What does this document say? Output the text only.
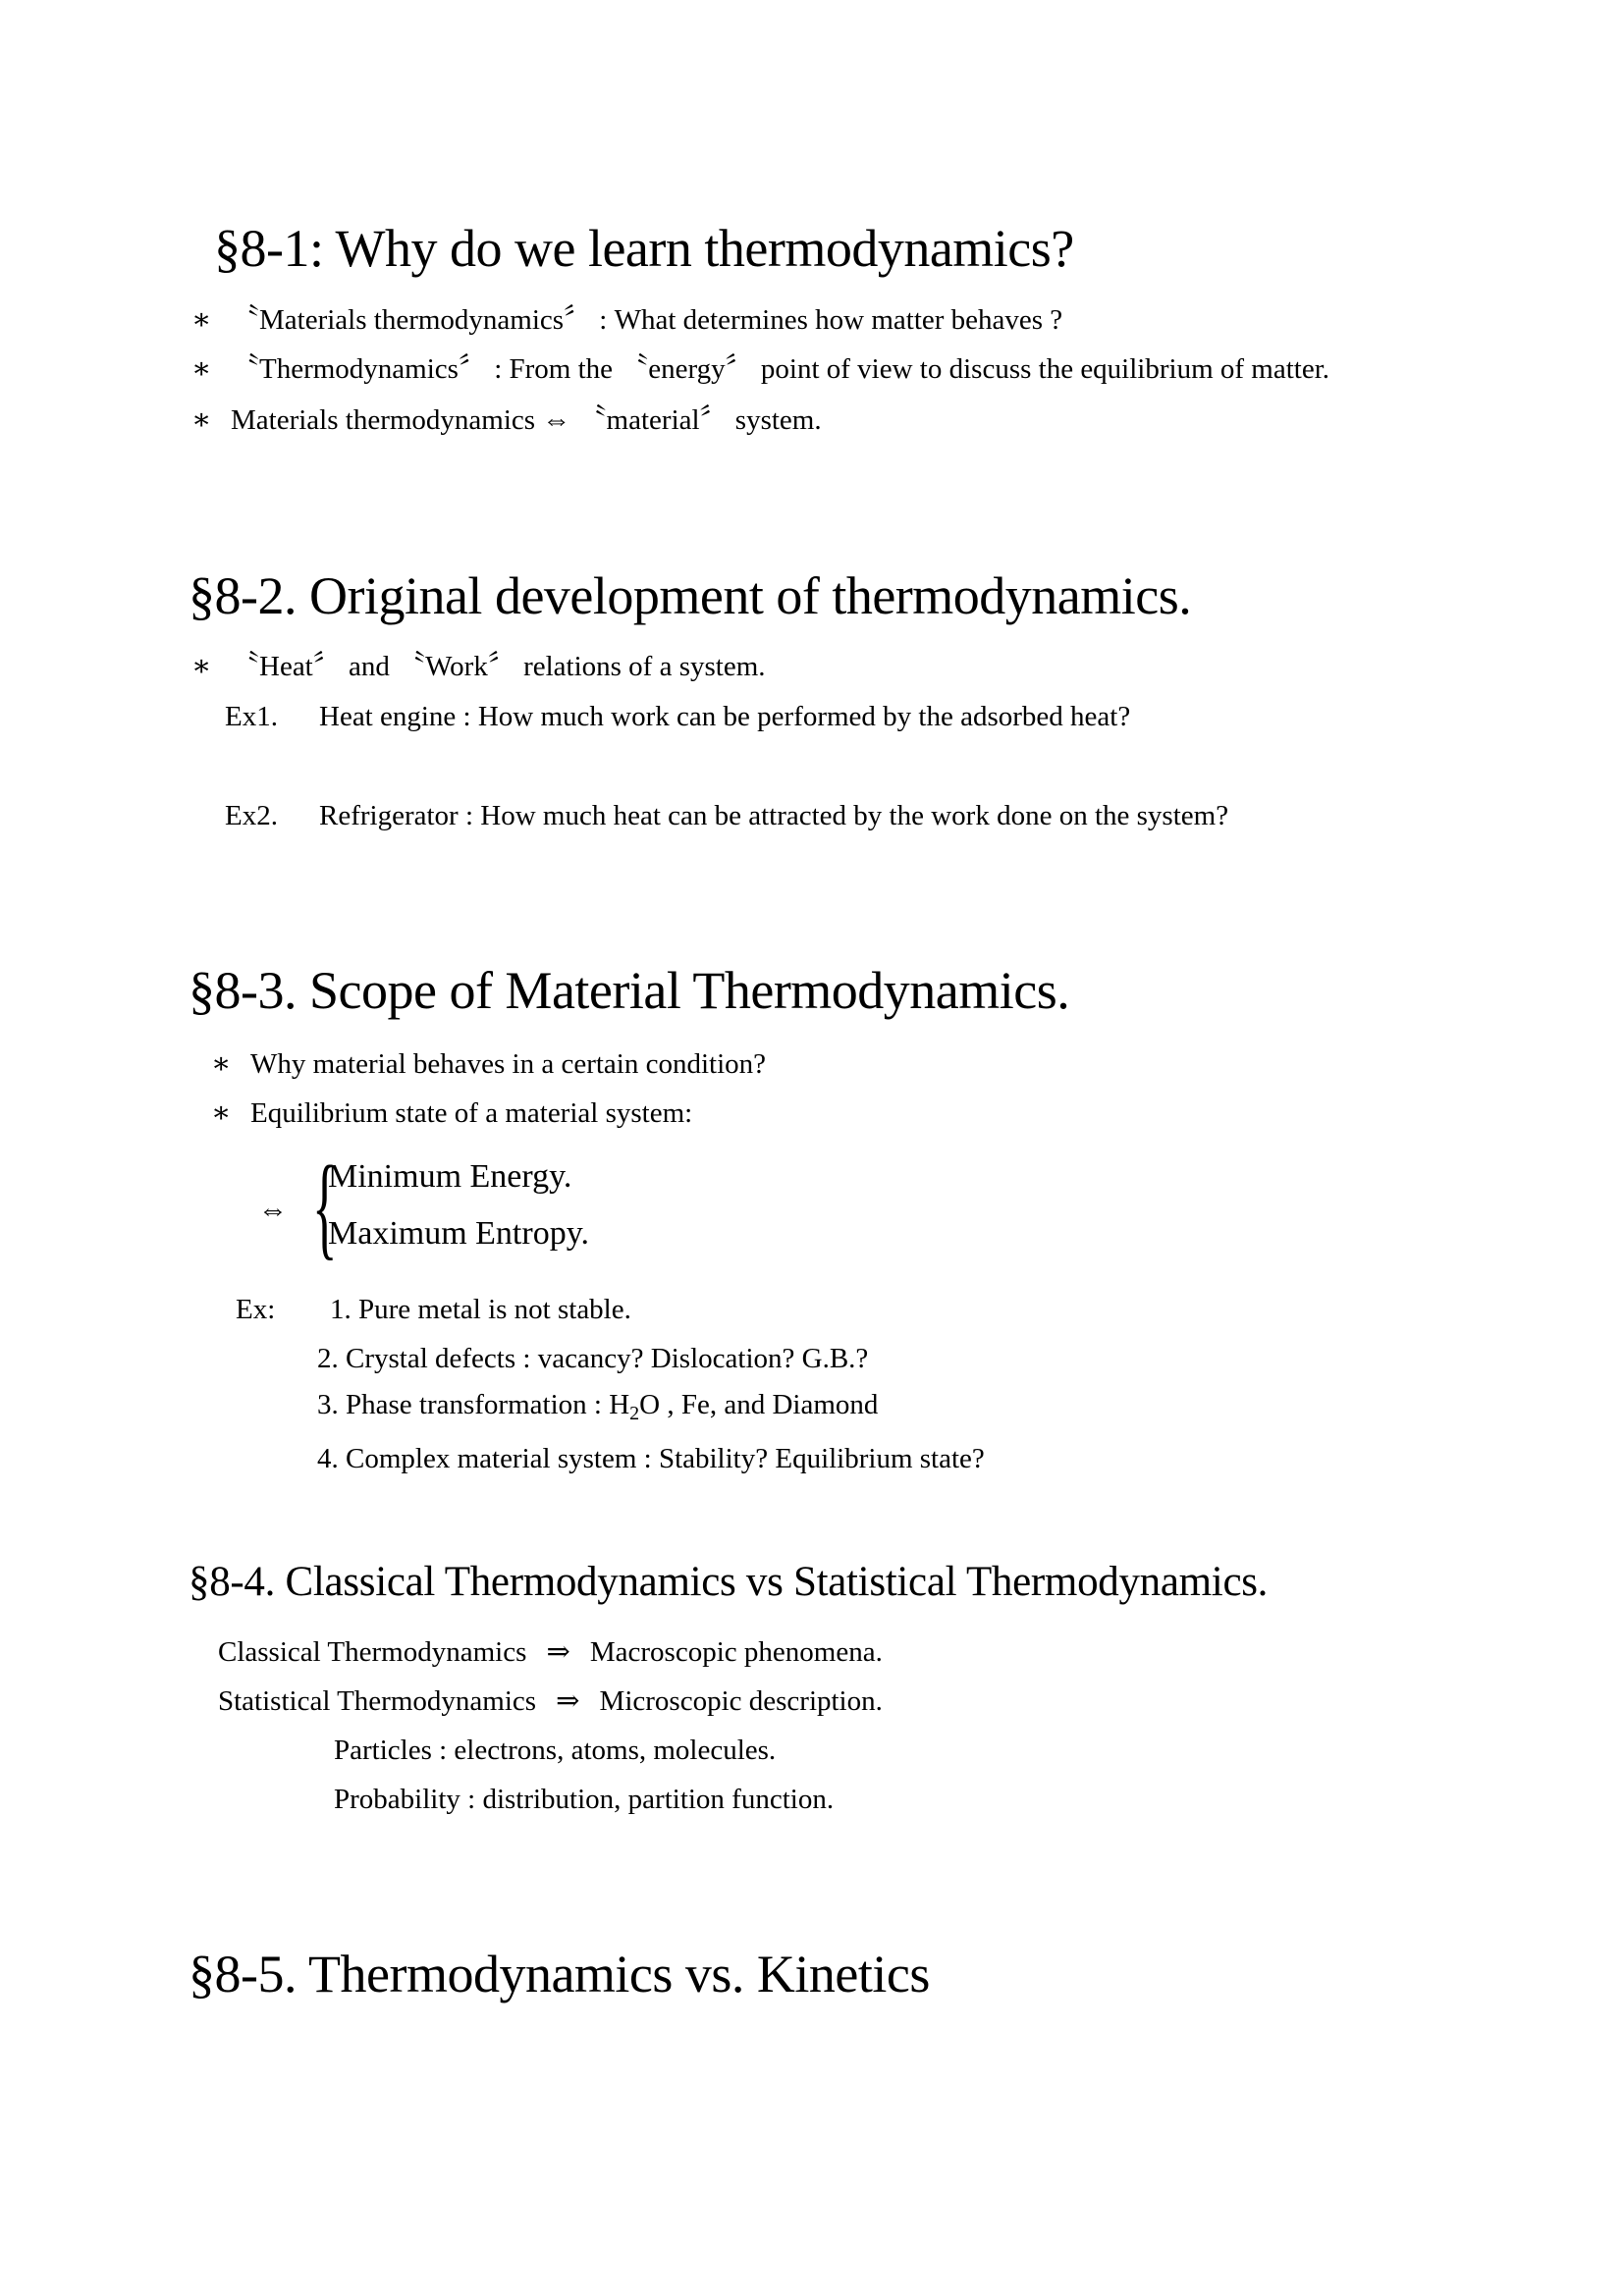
§8-1: Why do we learn thermodynamics?
∗ 〝Materials thermodynamics〞 : What determines how matter behaves ?
∗ 〝Thermodynamics〞 : From the 〝energy〞 point of view to discuss the equilibrium of matter.
∗ Materials thermodynamics ⇔ 〝material〞 system.
§8-2. Original development of thermodynamics.
∗ 〝Heat〞 and 〝Work〞 relations of a system.
Ex1. Heat engine : How much work can be performed by the adsorbed heat?
Ex2. Refrigerator : How much heat can be attracted by the work done on the system?
§8-3. Scope of Material Thermodynamics.
∗ Why material behaves in a certain condition?
∗ Equilibrium state of a material system:
⇔ {
Minimum Energy.
Maximum Entropy.
Ex: 1. Pure metal is not stable.
2. Crystal defects : vacancy? Dislocation? G.B.?
3. Phase transformation : $H_2O$ , Fe, and Diamond
4. Complex material system : Stability? Equilibrium state?
§8-4. Classical Thermodynamics vs Statistical Thermodynamics.
Classical Thermodynamics ⇒ Macroscopic phenomena.
Statistical Thermodynamics ⇒ Microscopic description.
Particles : electrons, atoms, molecules.
Probability : distribution, partition function.
§8-5. Thermodynamics vs. Kinetics
